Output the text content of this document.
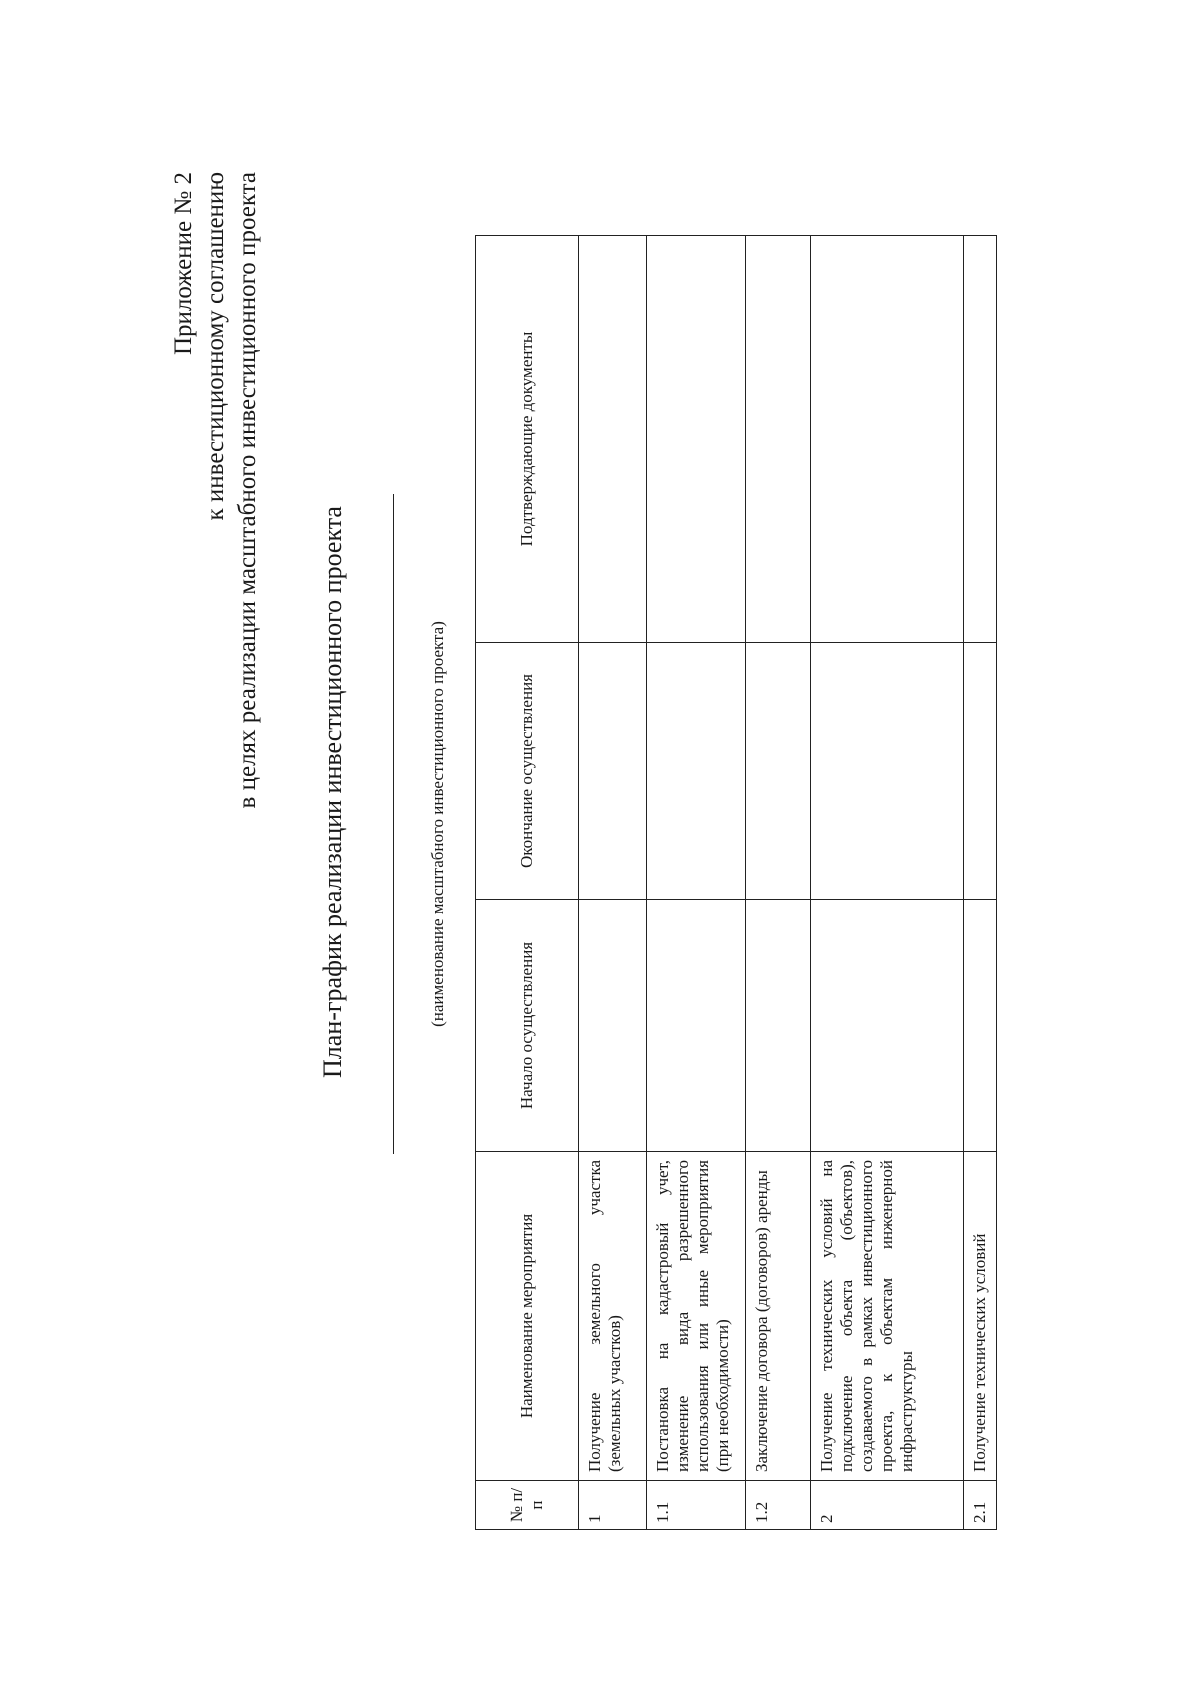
Приложение № 2 к инвестиционному соглашению в целях реализации масштабного инвестиционного проекта План-график реализации инвестиционного проекта	(наименование масштабного инвестиционного проекта)
№ п/п	Наименование мероприятия	Начало осуществления	Окончание осуществления	Подтверждающие документы
1	Получение земельного участка (земельных участков)			

1.1	Постановка на кадастровый учет, изменение вида разрешенного использования или иные мероприятия (при необходимости)			

1.2	Заключение договора (договоров) аренды			

2	Получение технических условий на подключение объекта (объектов), создаваемого в рамках инвестиционного проекта, к объектам инженерной инфраструктуры			

2.1	Получение технических условий			
